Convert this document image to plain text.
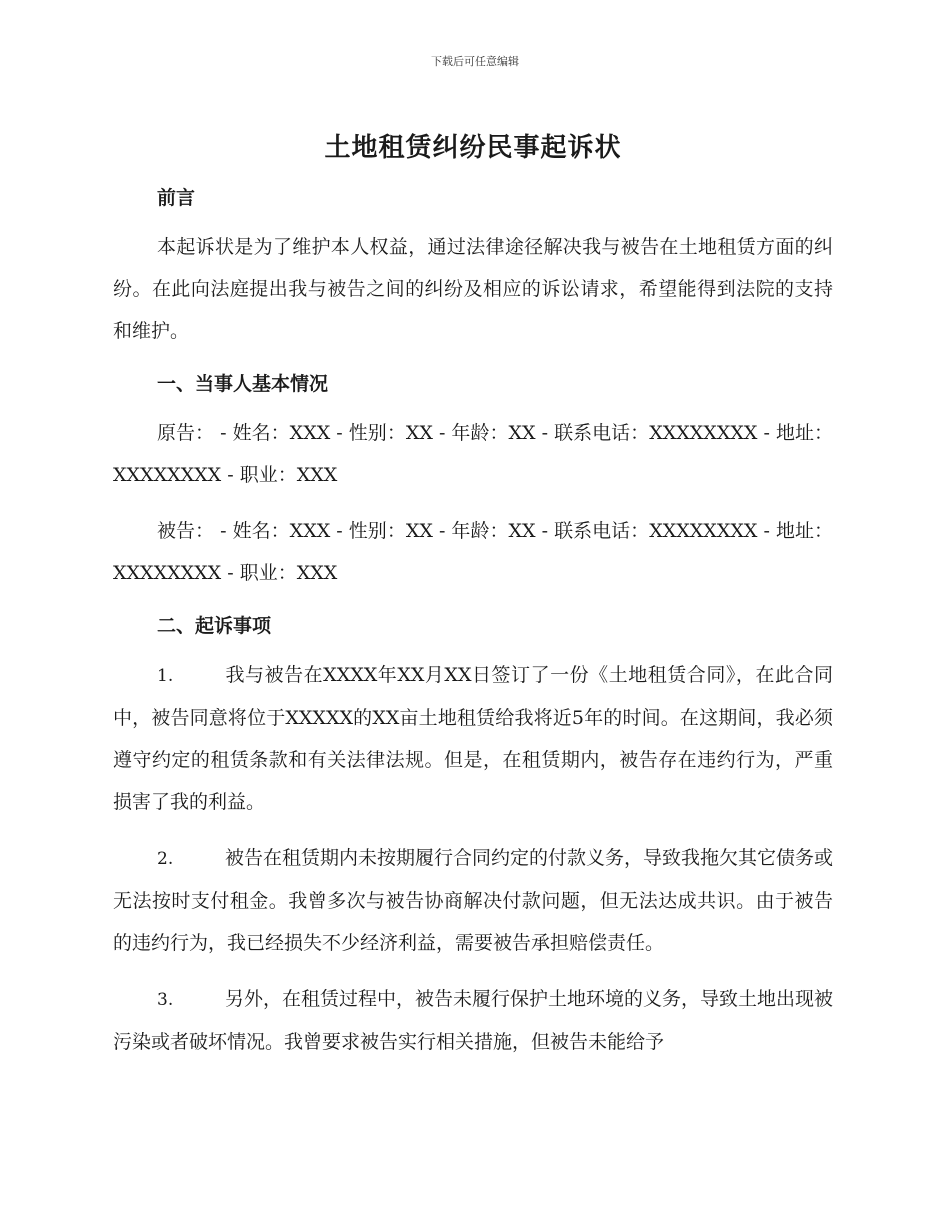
下载后可任意编辑
土地租赁纠纷民事起诉状
前言

本起诉状是为了维护本人权益，通过法律途径解决我与被告在土地租赁方面的纠纷。在此向法庭提出我与被告之间的纠纷及相应的诉讼请求，希望能得到法院的支持和维护。

一、当事人基本情况

原告： - 姓名：XXX - 性别：XX - 年龄：XX - 联系电话：XXXXXXXX - 地址：XXXXXXXX - 职业：XXX

被告： - 姓名：XXX - 性别：XX - 年龄：XX - 联系电话：XXXXXXXX - 地址：XXXXXXXX - 职业：XXX

二、起诉事项

1.	我与被告在XXXX年XX月XX日签订了一份《土地租赁合同》，在此合同中，被告同意将位于XXXXX的XX亩土地租赁给我将近5年的时间。在这期间，我必须遵守约定的租赁条款和有关法律法规。但是，在租赁期内，被告存在违约行为，严重损害了我的利益。

2.	被告在租赁期内未按期履行合同约定的付款义务，导致我拖欠其它债务或无法按时支付租金。我曾多次与被告协商解决付款问题，但无法达成共识。由于被告的违约行为，我已经损失不少经济利益，需要被告承担赔偿责任。

3.	另外，在租赁过程中，被告未履行保护土地环境的义务，导致土地出现被污染或者破坏情况。我曾要求被告实行相关措施，但被告未能给予
